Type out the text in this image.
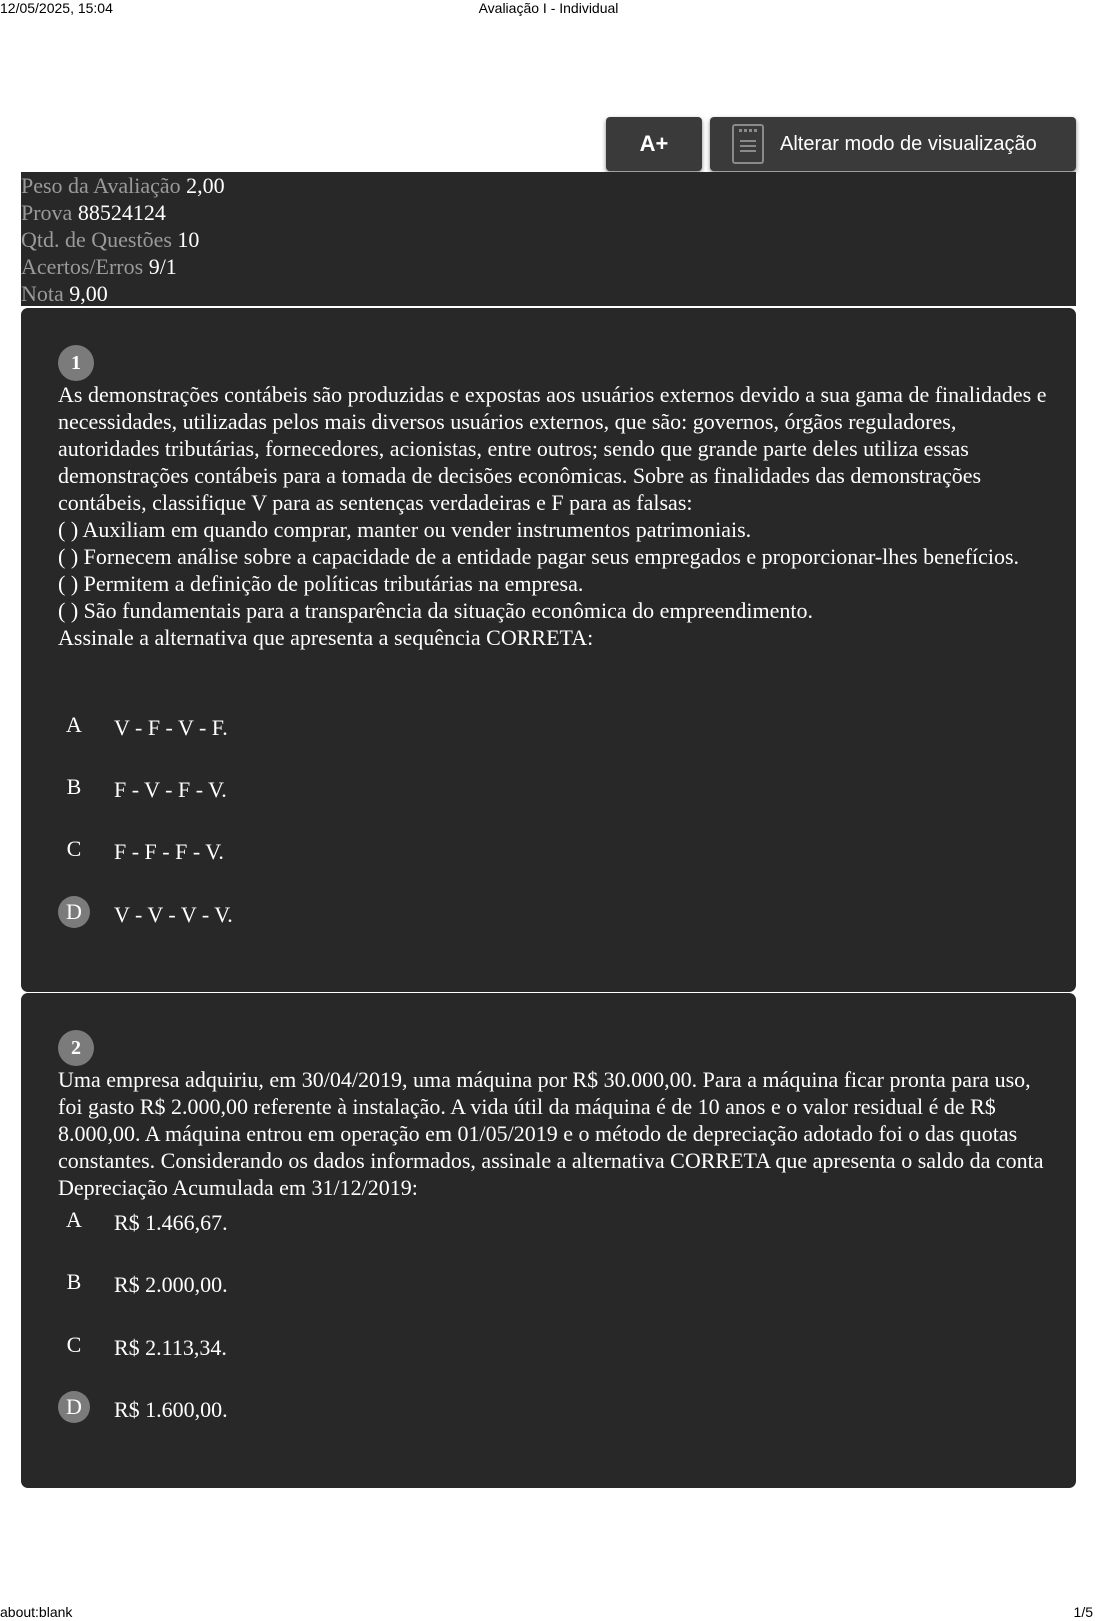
12/05/2025, 15:04	Avaliação I - Individual
A+	Alterar modo de visualização
Peso da Avaliação 2,00
Prova 88524124
Qtd. de Questões 10
Acertos/Erros 9/1
Nota 9,00
1
As demonstrações contábeis são produzidas e expostas aos usuários externos devido a sua gama de finalidades e necessidades, utilizadas pelos mais diversos usuários externos, que são: governos, órgãos reguladores, autoridades tributárias, fornecedores, acionistas, entre outros; sendo que grande parte deles utiliza essas demonstrações contábeis para a tomada de decisões econômicas. Sobre as finalidades das demonstrações contábeis, classifique V para as sentenças verdadeiras e F para as falsas:
( ) Auxiliam em quando comprar, manter ou vender instrumentos patrimoniais.
( ) Fornecem análise sobre a capacidade de a entidade pagar seus empregados e proporcionar-lhes benefícios.
( ) Permitem a definição de políticas tributárias na empresa.
( ) São fundamentais para a transparência da situação econômica do empreendimento.
Assinale a alternativa que apresenta a sequência CORRETA:
A	V - F - V - F.
B	F - V - F - V.
C	F - F - F - V.
D	V - V - V - V.
2
Uma empresa adquiriu, em 30/04/2019, uma máquina por R$ 30.000,00. Para a máquina ficar pronta para uso, foi gasto R$ 2.000,00 referente à instalação. A vida útil da máquina é de 10 anos e o valor residual é de R$ 8.000,00. A máquina entrou em operação em 01/05/2019 e o método de depreciação adotado foi o das quotas constantes. Considerando os dados informados, assinale a alternativa CORRETA que apresenta o saldo da conta Depreciação Acumulada em 31/12/2019:
A	R$ 1.466,67.
B	R$ 2.000,00.
C	R$ 2.113,34.
D	R$ 1.600,00.
about:blank	1/5
